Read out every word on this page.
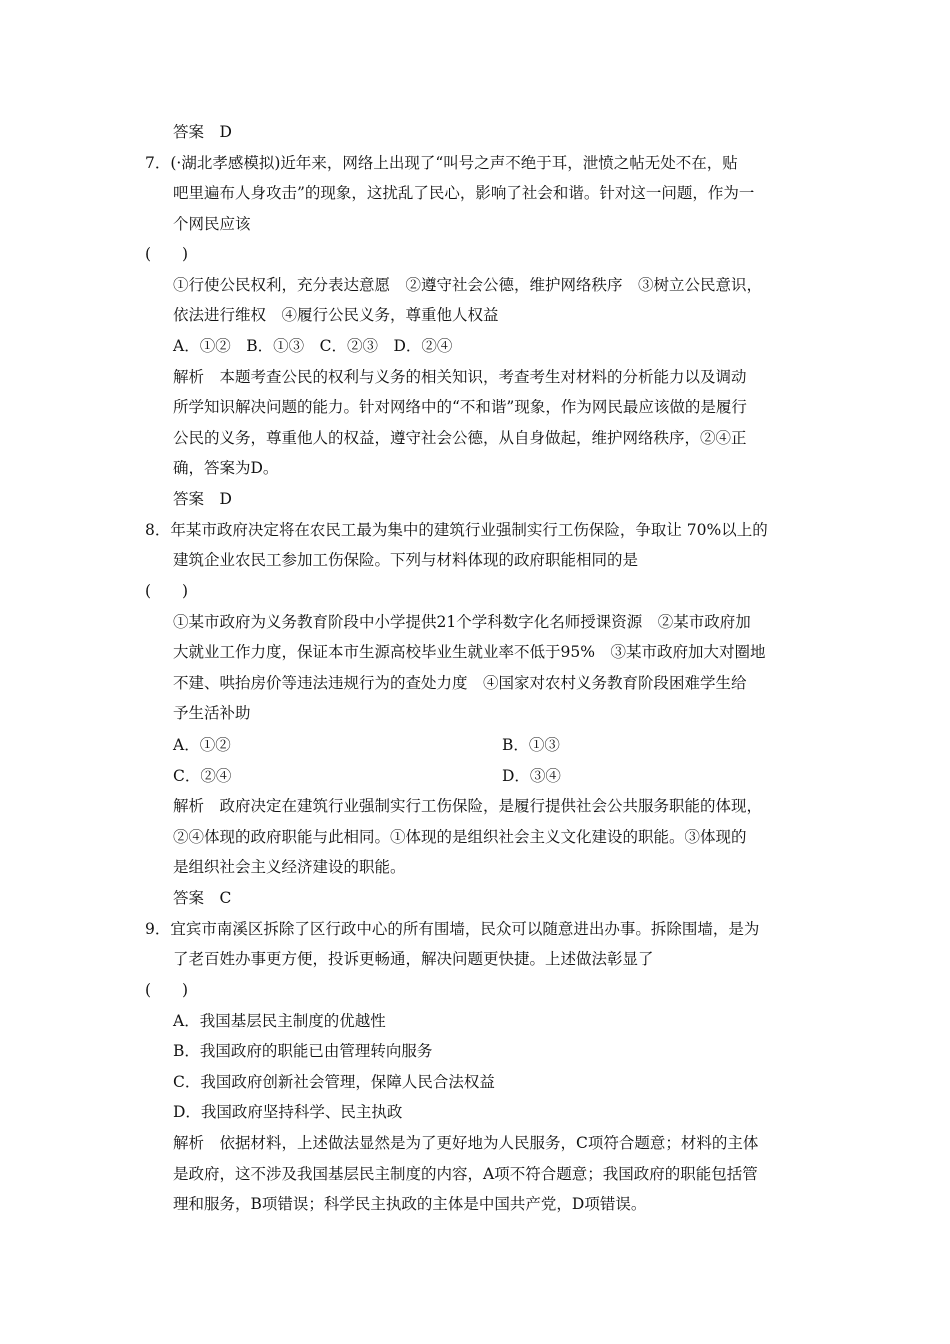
答案　D
7．(·湖北孝感模拟)近年来，网络上出现了“叫号之声不绝于耳，泄愤之帖无处不在，贴
吧里遍布人身攻击”的现象，这扰乱了民心，影响了社会和谐。针对这一问题，作为一
个网民应该
(　　)
①行使公民权利，充分表达意愿　②遵守社会公德，维护网络秩序　③树立公民意识，
依法进行维权　④履行公民义务，尊重他人权益
A．①②　B．①③　C．②③　D．②④
解析　本题考查公民的权利与义务的相关知识，考查考生对材料的分析能力以及调动
所学知识解决问题的能力。针对网络中的“不和谐”现象，作为网民最应该做的是履行
公民的义务，尊重他人的权益，遵守社会公德，从自身做起，维护网络秩序，②④正
确，答案为D。
答案　D
8．年某市政府决定将在农民工最为集中的建筑行业强制实行工伤保险，争取让 70%以上的
建筑企业农民工参加工伤保险。下列与材料体现的政府职能相同的是
(　　)
①某市政府为义务教育阶段中小学提供21个学科数字化名师授课资源　②某市政府加
大就业工作力度，保证本市生源高校毕业生就业率不低于95%　③某市政府加大对圈地
不建、哄抬房价等违法违规行为的查处力度　④国家对农村义务教育阶段困难学生给
予生活补助
A．①②	B．①③
C．②④	D．③④
解析　政府决定在建筑行业强制实行工伤保险，是履行提供社会公共服务职能的体现，
②④体现的政府职能与此相同。①体现的是组织社会主义文化建设的职能。③体现的
是组织社会主义经济建设的职能。
答案　C
9．宜宾市南溪区拆除了区行政中心的所有围墙，民众可以随意进出办事。拆除围墙，是为
了老百姓办事更方便，投诉更畅通，解决问题更快捷。上述做法彰显了
(　　)
A．我国基层民主制度的优越性
B．我国政府的职能已由管理转向服务
C．我国政府创新社会管理，保障人民合法权益
D．我国政府坚持科学、民主执政
解析　依据材料，上述做法显然是为了更好地为人民服务，C项符合题意；材料的主体
是政府，这不涉及我国基层民主制度的内容，A项不符合题意；我国政府的职能包括管
理和服务，B项错误；科学民主执政的主体是中国共产党，D项错误。
